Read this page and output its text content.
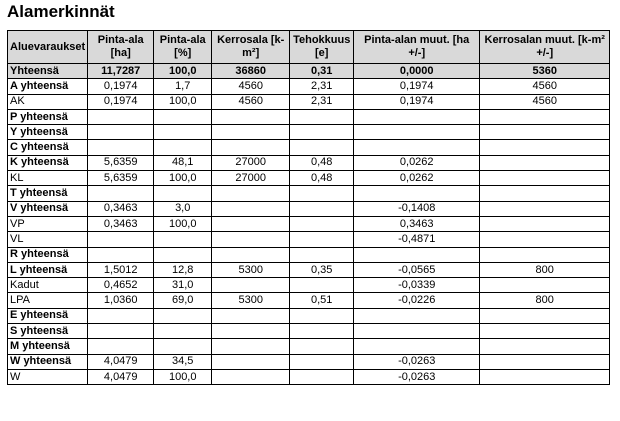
Alamerkinnät
Aluevaraukset	Pinta-ala [ha]	Pinta-ala [%]	Kerrosala [k-m²]	Tehokkuus [e]	Pinta-alan muut. [ha +/-]	Kerrosalan muut. [k-m² +/-]
Yhteensä	11,7287	100,0	36860	0,31	0,0000	5360
A yhteensä	0,1974	1,7	4560	2,31	0,1974	4560
AK	0,1974	100,0	4560	2,31	0,1974	4560
P yhteensä						
Y yhteensä						
C yhteensä						
K yhteensä	5,6359	48,1	27000	0,48	0,0262	
KL	5,6359	100,0	27000	0,48	0,0262	
T yhteensä						
V yhteensä	0,3463	3,0			-0,1408	
VP	0,3463	100,0			0,3463	
VL					-0,4871	
R yhteensä						
L yhteensä	1,5012	12,8	5300	0,35	-0,0565	800
Kadut	0,4652	31,0			-0,0339	
LPA	1,0360	69,0	5300	0,51	-0,0226	800
E yhteensä						
S yhteensä						
M yhteensä						
W yhteensä	4,0479	34,5			-0,0263	
W	4,0479	100,0			-0,0263	
